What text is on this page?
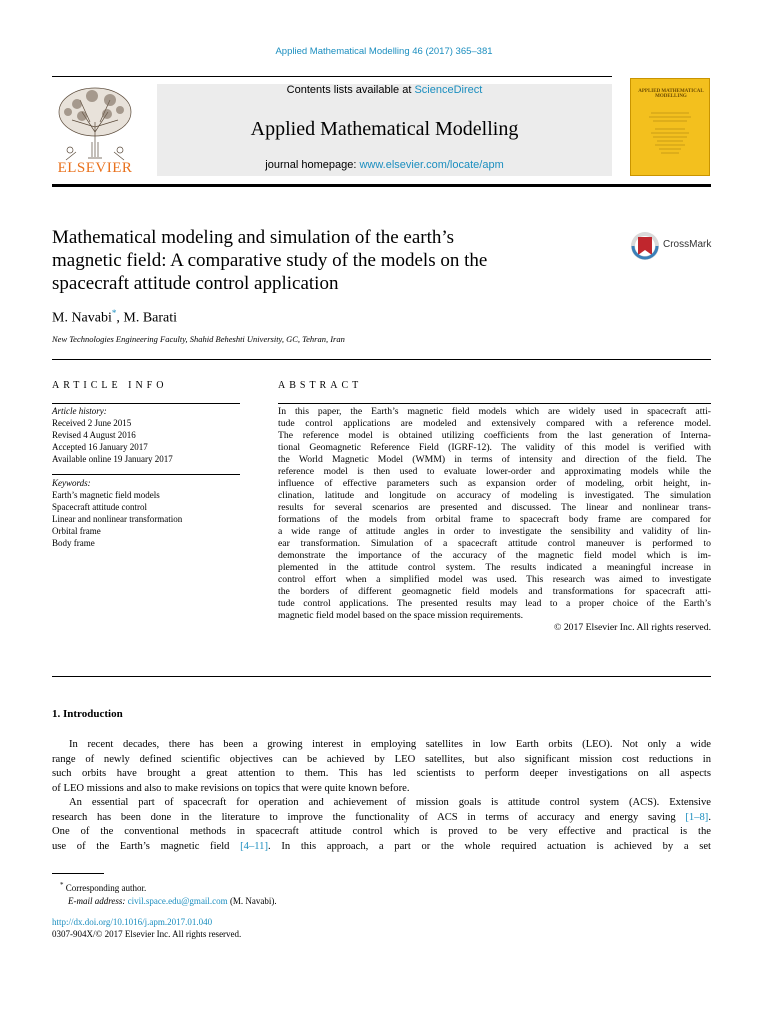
Applied Mathematical Modelling 46 (2017) 365–381
ELSEVIER
Contents lists available at ScienceDirect
Applied Mathematical Modelling
journal homepage: www.elsevier.com/locate/apm
APPLIED MATHEMATICAL MODELLING
Mathematical modeling and simulation of the earth’s
magnetic field: A comparative study of the models on the
spacecraft attitude control application
CrossMark
M. Navabi*, M. Barati
New Technologies Engineering Faculty, Shahid Beheshti University, GC, Tehran, Iran
ARTICLE INFO
Article history:
Received 2 June 2015
Revised 4 August 2016
Accepted 16 January 2017
Available online 19 January 2017
Keywords:
Earth’s magnetic field models
Spacecraft attitude control
Linear and nonlinear transformation
Orbital frame
Body frame
ABSTRACT
In this paper, the Earth’s magnetic field models which are widely used in spacecraft atti-
tude control applications are modeled and extensively compared with a reference model.
The reference model is obtained utilizing coefficients from the last generation of Interna-
tional Geomagnetic Reference Field (IGRF-12). The validity of this model is verified with
the World Magnetic Model (WMM) in terms of intensity and direction of the field. The
reference model is then used to evaluate lower-order and approximating models while the
influence of effective parameters such as expansion order of modeling, orbit height, in-
clination, latitude and longitude on accuracy of modeling is investigated. The simulation
results for several scenarios are presented and discussed. The linear and nonlinear trans-
formations of the models from orbital frame to spacecraft body frame are compared for
a wide range of attitude angles in order to investigate the sensibility and validity of lin-
ear transformation. Simulation of a spacecraft attitude control maneuver is performed to
demonstrate the importance of the accuracy of the magnetic field model which is im-
plemented in the attitude control system. The results indicated a meaningful increase in
control effort when a simplified model was used. This research was aimed to investigate
the borders of different geomagnetic field models and transformations for spacecraft atti-
tude control applications. The presented results may lead to a proper choice of the Earth’s
magnetic field model based on the space mission requirements.
© 2017 Elsevier Inc. All rights reserved.
1. Introduction
In recent decades, there has been a growing interest in employing satellites in low Earth orbits (LEO). Not only a wide
range of newly defined scientific objectives can be achieved by LEO satellites, but also significant mission cost reductions in
such orbits have brought a great attention to them. This has led scientists to perform deeper investigations on all aspects
of LEO missions and also to make revisions on topics that were quite known before.
An essential part of spacecraft for operation and achievement of mission goals is attitude control system (ACS). Extensive
research has been done in the literature to improve the functionality of ACS in terms of accuracy and energy saving [1–8].
One of the conventional methods in spacecraft attitude control which is proved to be very effective and practical is the
use of the Earth’s magnetic field [4–11]. In this approach, a part or the whole required actuation is achieved by a set
* Corresponding author.
E-mail address: civil.space.edu@gmail.com (M. Navabi).
http://dx.doi.org/10.1016/j.apm.2017.01.040
0307-904X/© 2017 Elsevier Inc. All rights reserved.
